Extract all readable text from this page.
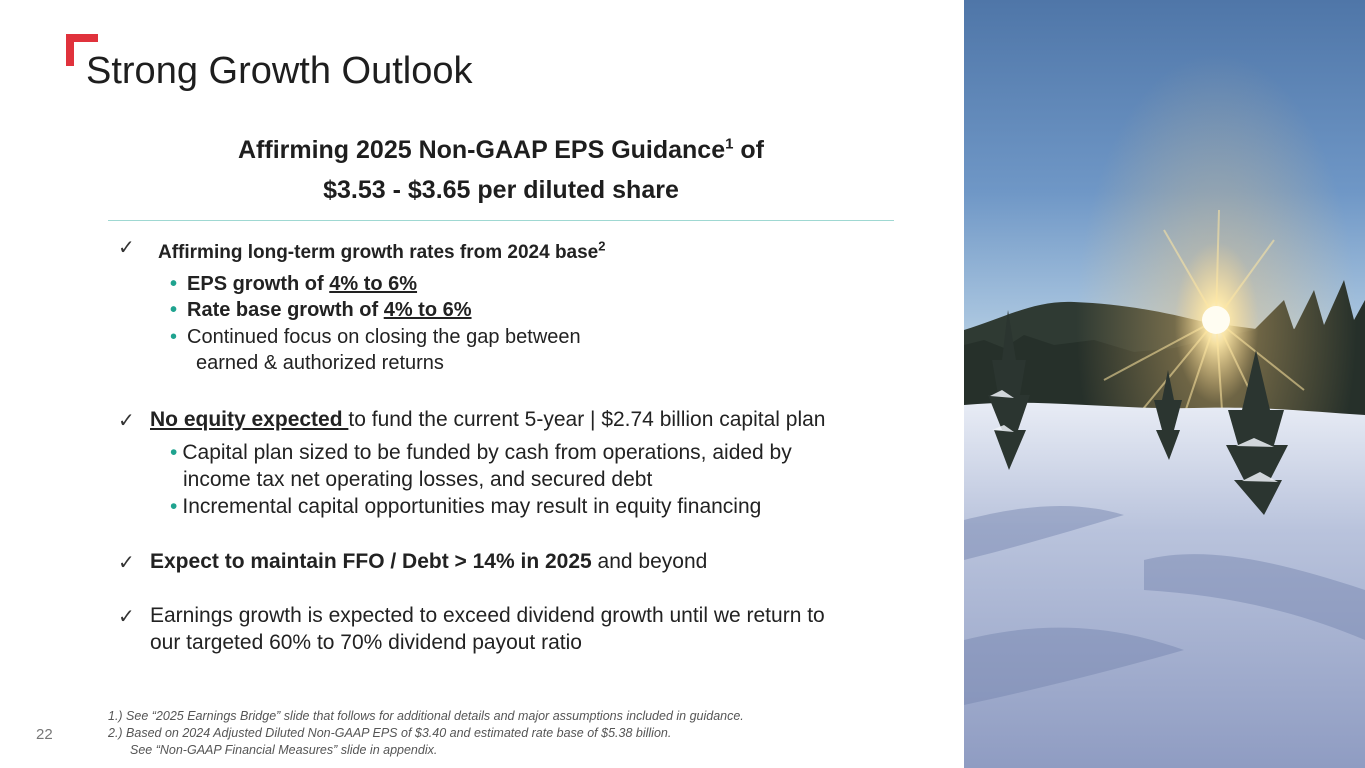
Strong Growth Outlook
Affirming 2025 Non-GAAP EPS Guidance$^1$ of
$3.53 - $3.65 per diluted share
✓ Affirming long-term growth rates from 2024 base$^2$
• EPS growth of 4% to 6%
• Rate base growth of 4% to 6%
• Continued focus on closing the gap between
earned & authorized returns
✓ No equity expected to fund the current 5-year | $2.74 billion capital plan
• Capital plan sized to be funded by cash from operations, aided by
income tax net operating losses, and secured debt
• Incremental capital opportunities may result in equity financing
✓ Expect to maintain FFO / Debt > 14% in 2025 and beyond
✓ Earnings growth is expected to exceed dividend growth until we return to
our targeted 60% to 70% dividend payout ratio
1.) See “2025 Earnings Bridge” slide that follows for additional details and major assumptions included in guidance.
2.) Based on 2024 Adjusted Diluted Non-GAAP EPS of $3.40 and estimated rate base of $5.38 billion.
See “Non-GAAP Financial Measures” slide in appendix.
22
